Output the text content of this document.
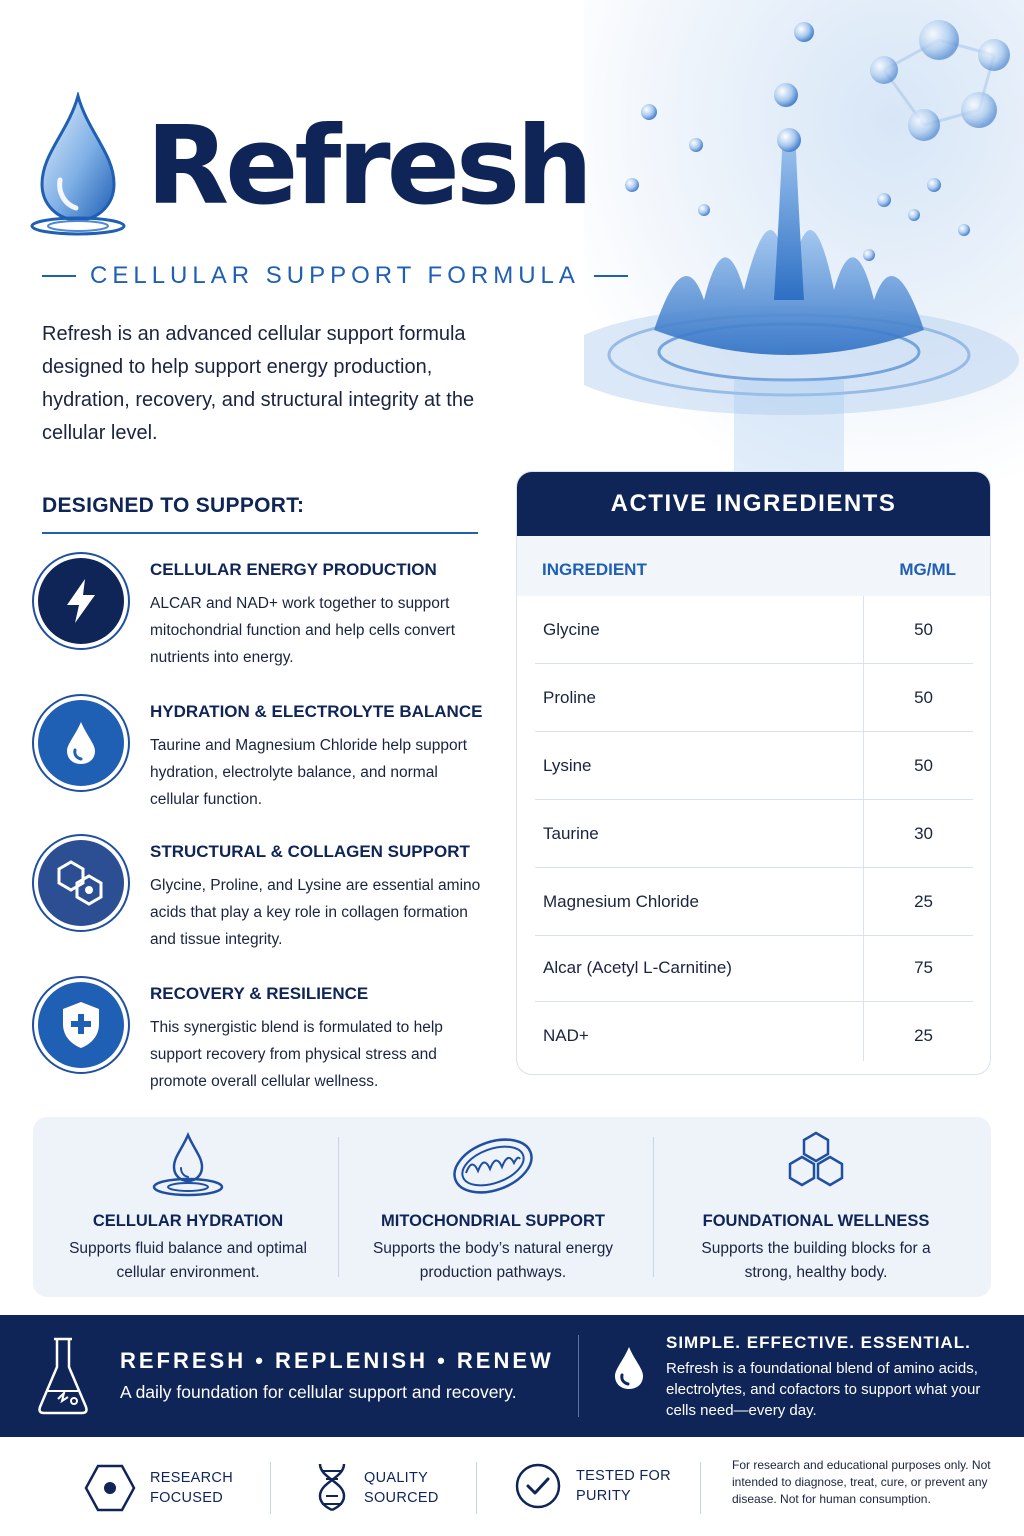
Refresh
CELLULAR SUPPORT FORMULA

Refresh is an advanced cellular support formula designed to help support energy production, hydration, recovery, and structural integrity at the cellular level.

DESIGNED TO SUPPORT:
CELLULAR ENERGY PRODUCTION

ALCAR and NAD+ work together to support mitochondrial function and help cells convert nutrients into energy.

HYDRATION & ELECTROLYTE BALANCE

Taurine and Magnesium Chloride help support hydration, electrolyte balance, and normal cellular function.

STRUCTURAL & COLLAGEN SUPPORT

Glycine, Proline, and Lysine are essential amino acids that play a key role in collagen formation and tissue integrity.

RECOVERY & RESILIENCE

This synergistic blend is formulated to help support recovery from physical stress and promote overall cellular wellness.

ACTIVE INGREDIENTS
INGREDIENT	MG/ML
Glycine	50
Proline	50
Lysine	50
Taurine	30
Magnesium Chloride	25
Alcar (Acetyl L-Carnitine)	75
NAD+	25
CELLULAR HYDRATION

Supports fluid balance and optimal cellular environment.

MITOCHONDRIAL SUPPORT

Supports the body’s natural energy production pathways.

FOUNDATIONAL WELLNESS

Supports the building blocks for a strong, healthy body.

REFRESH • REPLENISH • RENEW
A daily foundation for cellular support and recovery.
SIMPLE. EFFECTIVE. ESSENTIAL.
Refresh is a foundational blend of amino acids, electrolytes, and cofactors to support what your cells need—every day.
RESEARCH FOCUSED
QUALITY SOURCED
TESTED FOR PURITY

For research and educational purposes only. Not intended to diagnose, treat, cure, or prevent any disease. Not for human consumption.
